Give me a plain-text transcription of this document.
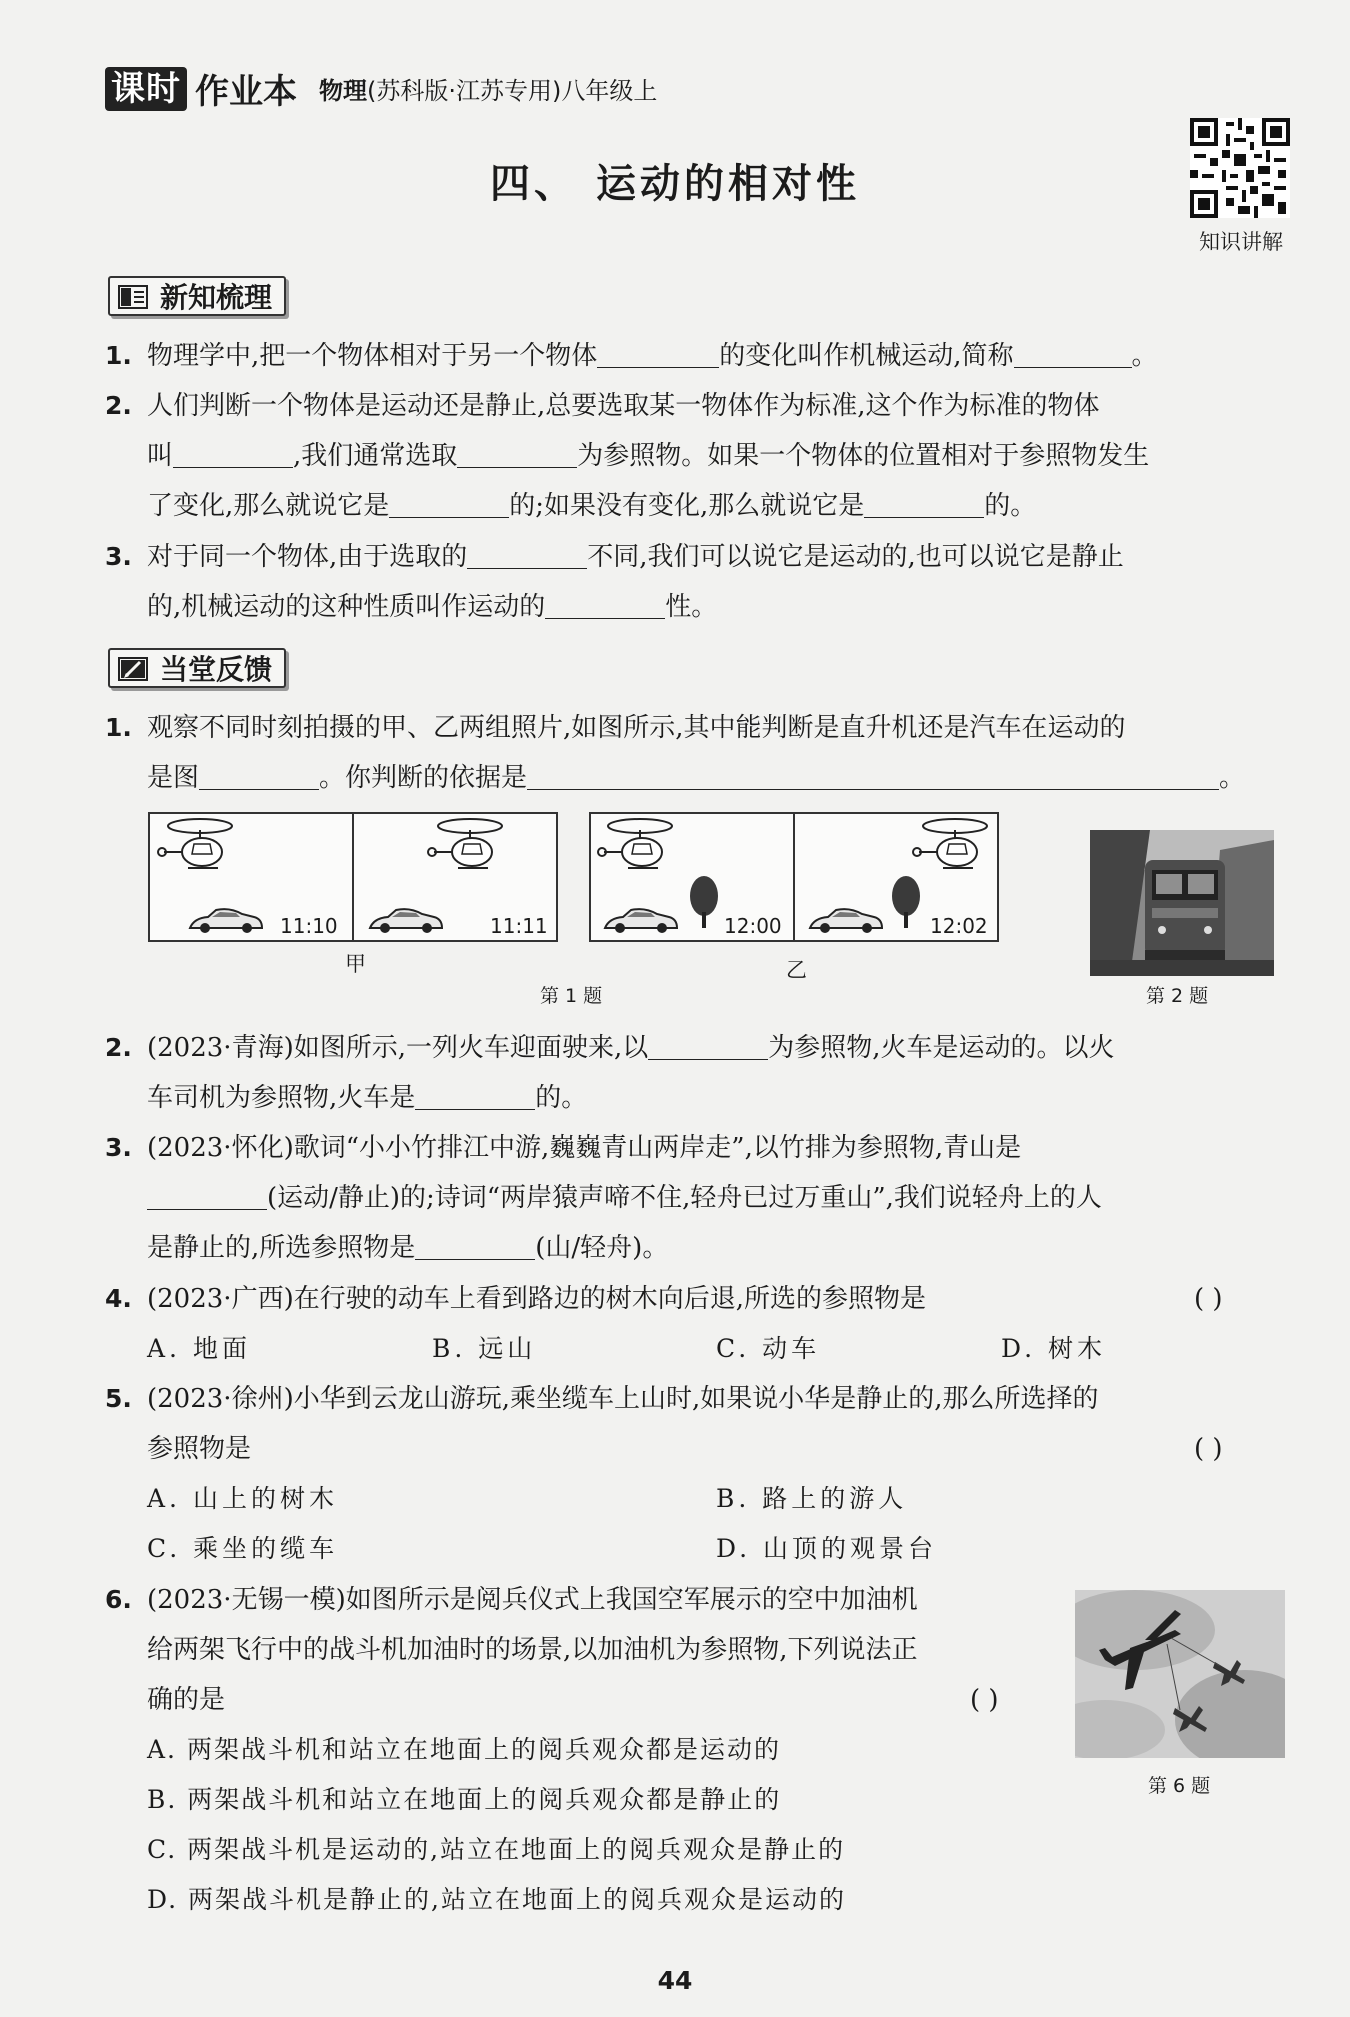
课时 作业本 物理 (苏科版·江苏专用)八年级上
四、 运动的相对性
知识讲解
新知梳理
1. 物理学中,把一个物体相对于另一个物体	的变化叫作机械运动,简称	。
2. 人们判断一个物体是运动还是静止,总要选取某一物体作为标准,这个作为标准的物体
叫	,我们通常选取	为参照物。如果一个物体的位置相对于参照物发生
了变化,那么就说它是	的;如果没有变化,那么就说它是	的。
3. 对于同一个物体,由于选取的	不同,我们可以说它是运动的,也可以说它是静止
的,机械运动的这种性质叫作运动的	性。
当堂反馈
1. 观察不同时刻拍摄的甲、乙两组照片,如图所示,其中能判断是直升机还是汽车在运动的
是图	。你判断的依据是	。
11:10	11:11	12:00	12:02
甲	乙
第 1 题	第 2 题
2. (2023·青海)如图所示,一列火车迎面驶来,以	为参照物,火车是运动的。以火
车司机为参照物,火车是	的。
3. (2023·怀化)歌词“小小竹排江中游,巍巍青山两岸走”,以竹排为参照物,青山是
(运动/静止)的;诗词“两岸猿声啼不住,轻舟已过万重山”,我们说轻舟上的人
是静止的,所选参照物是	(山/轻舟)。
4. (2023·广西)在行驶的动车上看到路边的树木向后退,所选的参照物是	( )
A. 地面	B. 远山	C. 动车	D. 树木
5. (2023·徐州)小华到云龙山游玩,乘坐缆车上山时,如果说小华是静止的,那么所选择的
参照物是	( )
A. 山上的树木	B. 路上的游人
C. 乘坐的缆车	D. 山顶的观景台
6. (2023·无锡一模)如图所示是阅兵仪式上我国空军展示的空中加油机
给两架飞行中的战斗机加油时的场景,以加油机为参照物,下列说法正
确的是	( )
A. 两架战斗机和站立在地面上的阅兵观众都是运动的
B. 两架战斗机和站立在地面上的阅兵观众都是静止的
C. 两架战斗机是运动的,站立在地面上的阅兵观众是静止的
D. 两架战斗机是静止的,站立在地面上的阅兵观众是运动的
第 6 题
44
